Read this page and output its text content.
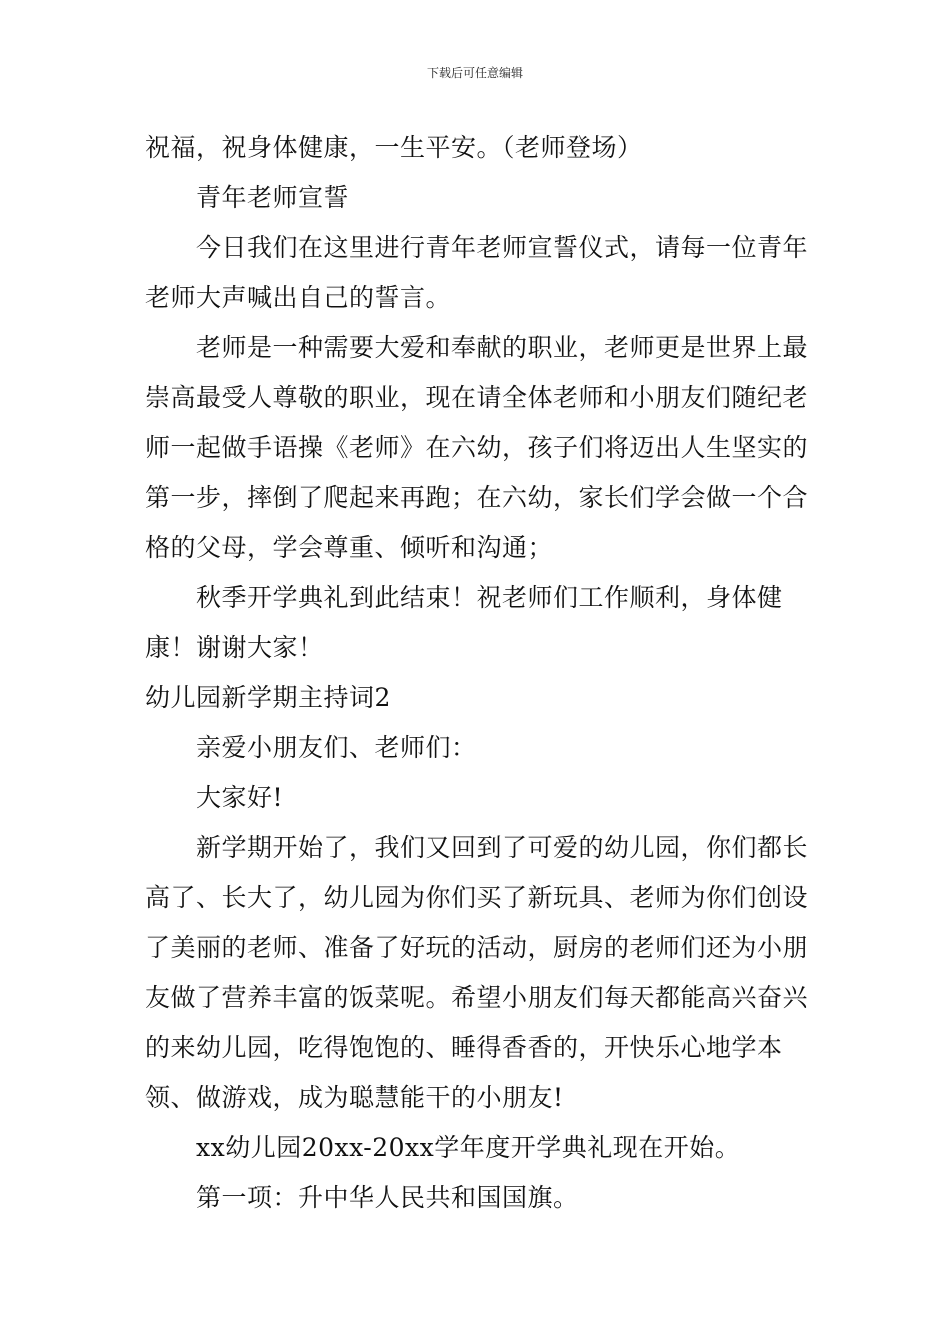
下载后可任意编辑

祝福，祝身体健康，一生平安。（老师登场）

青年老师宣誓

今日我们在这里进行青年老师宣誓仪式，请每一位青年老师大声喊出自己的誓言。

老师是一种需要大爱和奉献的职业，老师更是世界上最崇高最受人尊敬的职业，现在请全体老师和小朋友们随纪老师一起做手语操《老师》在六幼，孩子们将迈出人生坚实的第一步，摔倒了爬起来再跑；在六幼，家长们学会做一个合格的父母，学会尊重、倾听和沟通；

秋季开学典礼到此结束！祝老师们工作顺利，身体健康！谢谢大家！

幼儿园新学期主持词2

亲爱小朋友们、老师们：

大家好!

新学期开始了，我们又回到了可爱的幼儿园，你们都长高了、长大了，幼儿园为你们买了新玩具、老师为你们创设了美丽的老师、准备了好玩的活动，厨房的老师们还为小朋友做了营养丰富的饭菜呢。希望小朋友们每天都能高兴奋兴的来幼儿园，吃得饱饱的、睡得香香的，开快乐心地学本领、做游戏，成为聪慧能干的小朋友!

xx幼儿园20xx-20xx学年度开学典礼现在开始。

第一项：升中华人民共和国国旗。
